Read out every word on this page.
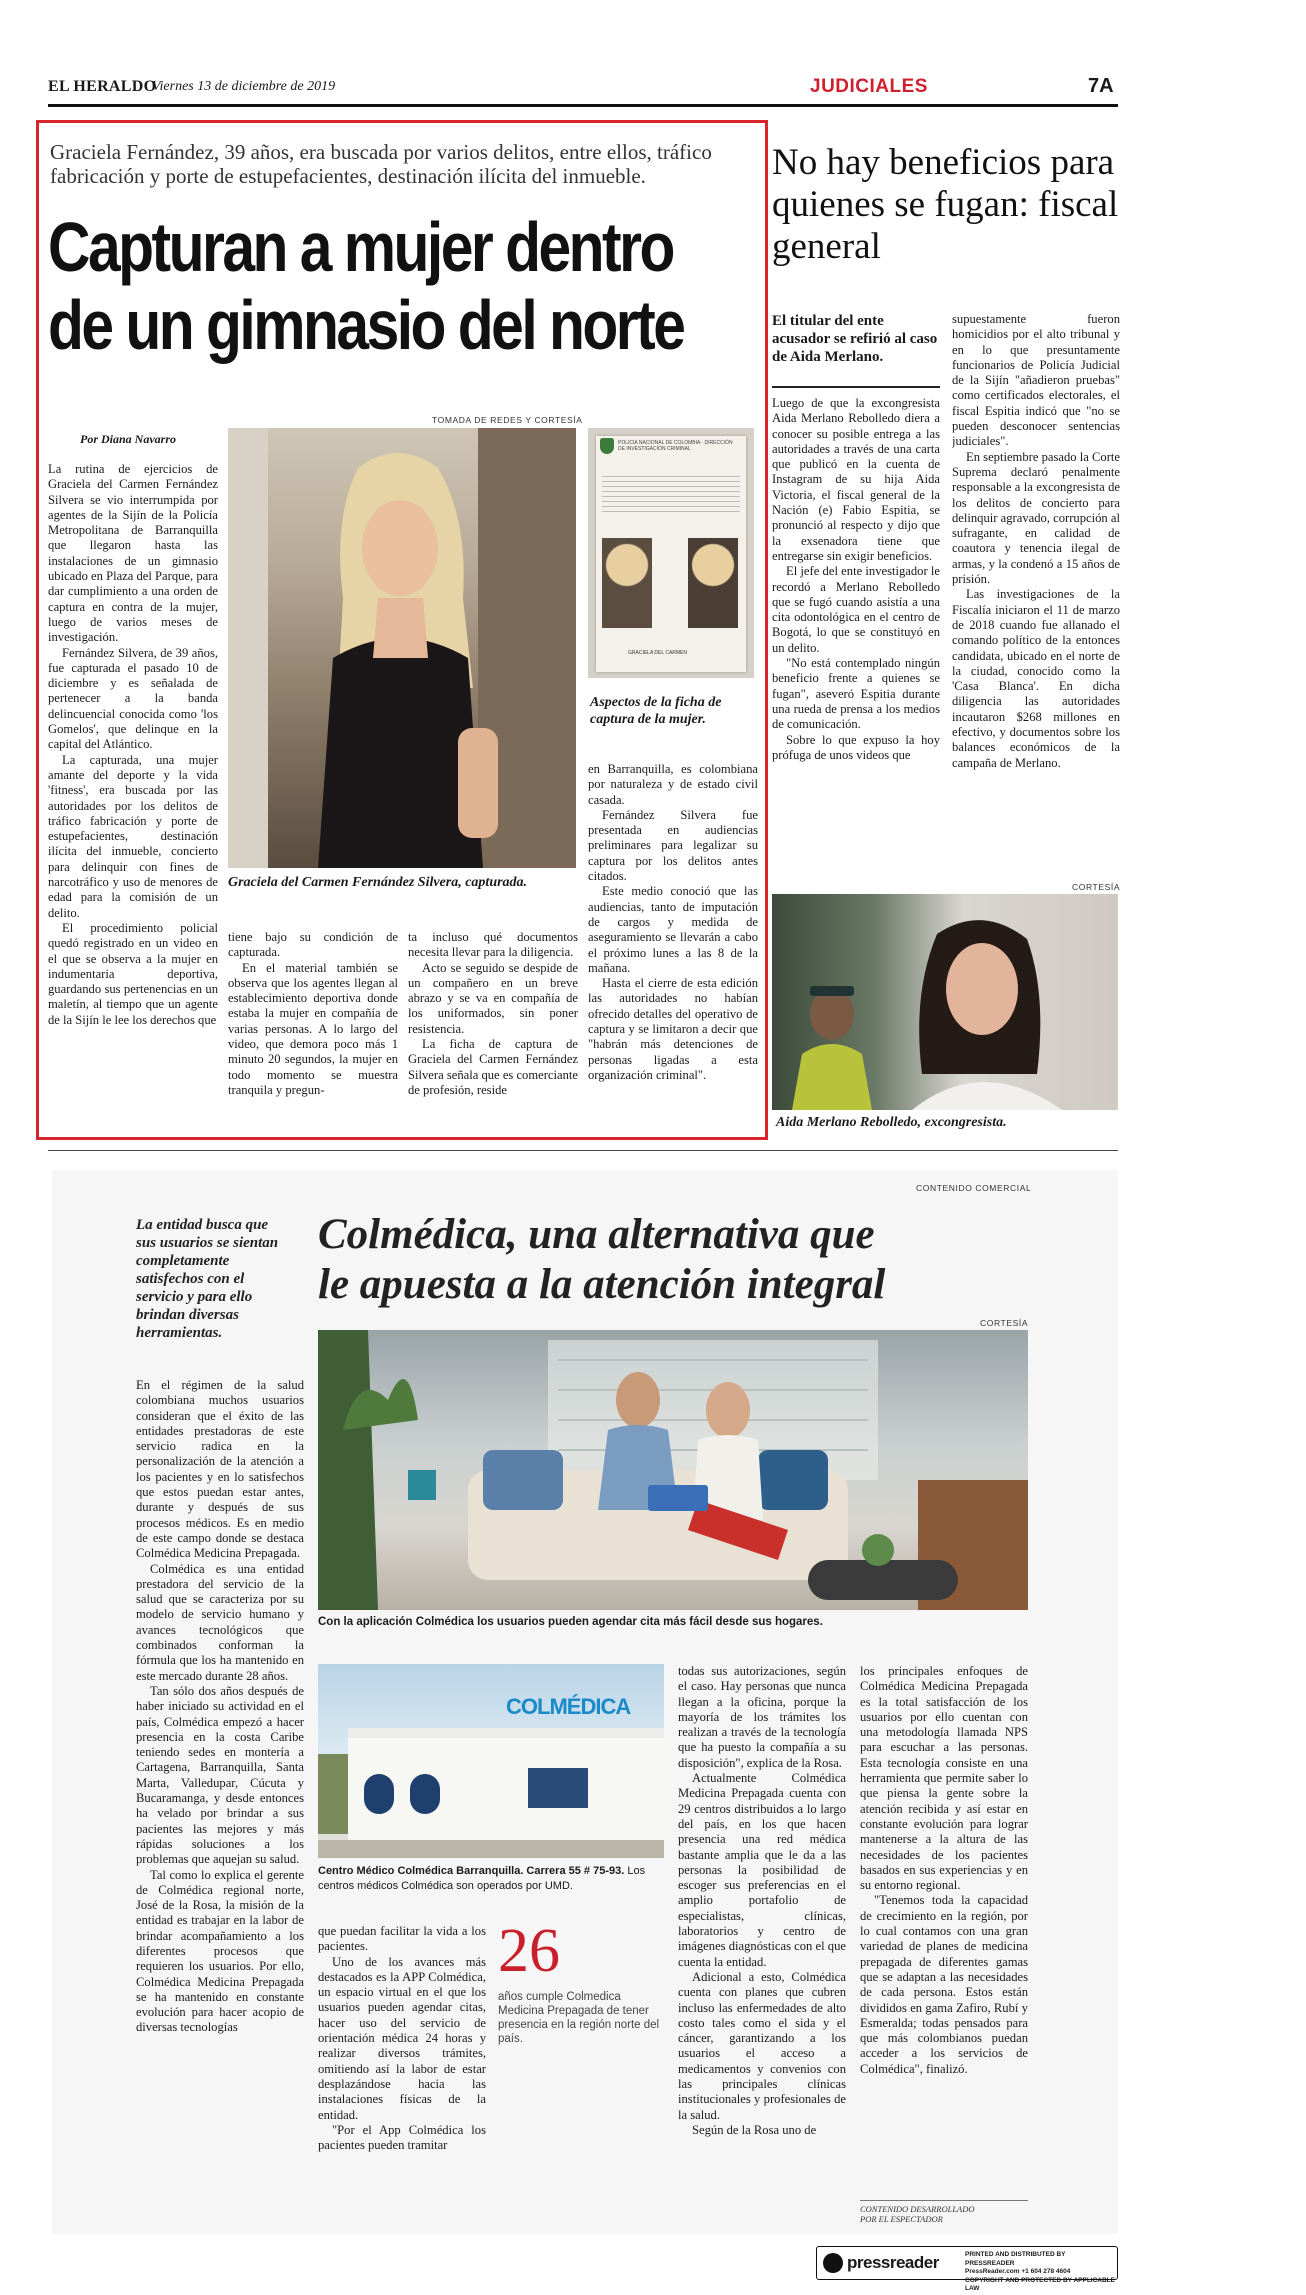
EL HERALDO
Viernes 13 de diciembre de 2019	JUDICIALES	7A
Graciela Fernández, 39 años, era buscada por varios delitos, entre ellos, tráfico fabricación y porte de estupefacientes, destinación ilícita del inmueble.
Capturan a mujer dentro
de un gimnasio del norte
TOMADA DE REDES Y CORTESÍA
Por Diana Navarro
Graciela del Carmen Fernández Silvera, capturada.
POLICIA NACIONAL DE COLOMBIA · DIRECCIÓN DE INVESTIGACIÓN CRIMINAL
GRACIELA DEL CARMEN
Aspectos de la ficha de captura de la mujer.

La rutina de ejercicios de Graciela del Carmen Fernández Silvera se vio interrumpida por agentes de la Sijín de la Policía Metropolitana de Barranquilla que llegaron hasta las instalaciones de un gimnasio ubicado en Plaza del Parque, para dar cumplimiento a una orden de captura en contra de la mujer, luego de varios meses de investigación.

Fernández Silvera, de 39 años, fue capturada el pasado 10 de diciembre y es señalada de pertenecer a la banda delincuencial conocida como 'los Gomelos', que delinque en la capital del Atlántico.

La capturada, una mujer amante del deporte y la vida 'fitness', era buscada por las autoridades por los delitos de tráfico fabricación y porte de estupefacientes, destinación ilícita del inmueble, concierto para delinquir con fines de narcotráfico y uso de menores de edad para la comisión de un delito.

El procedimiento policial quedó registrado en un video en el que se observa a la mujer en indumentaria deportiva, guardando sus pertenencias en un maletín, al tiempo que un agente de la Sijín le lee los derechos que

tiene bajo su condición de capturada.

En el material también se observa que los agentes llegan al establecimiento deportiva donde estaba la mujer en compañía de varias personas. A lo largo del video, que demora poco más 1 minuto 20 segundos, la mujer en todo momento se muestra tranquila y pregun-

ta incluso qué documentos necesita llevar para la diligencia.

Acto se seguido se despide de un compañero en un breve abrazo y se va en compañía de los uniformados, sin poner resistencia.

La ficha de captura de Graciela del Carmen Fernández Silvera señala que es comerciante de profesión, reside

en Barranquilla, es colombiana por naturaleza y de estado civil casada.

Fernández Silvera fue presentada en audiencias preliminares para legalizar su captura por los delitos antes citados.

Este medio conoció que las audiencias, tanto de imputación de cargos y medida de aseguramiento se llevarán a cabo el próximo lunes a las 8 de la mañana.

Hasta el cierre de esta edición las autoridades no habían ofrecido detalles del operativo de captura y se limitaron a decir que "habrán más detenciones de personas ligadas a esta organización criminal".

No hay beneficios para quienes se fugan: fiscal general
El titular del ente acusador se refirió al caso de Aida Merlano.

Luego de que la excongresista Aida Merlano Rebolledo diera a conocer su posible entrega a las autoridades a través de una carta que publicó en la cuenta de Instagram de su hija Aida Victoria, el fiscal general de la Nación (e) Fabio Espitia, se pronunció al respecto y dijo que la exsenadora tiene que entregarse sin exigir beneficios.

El jefe del ente investigador le recordó a Merlano Rebolledo que se fugó cuando asistía a una cita odontológica en el centro de Bogotá, lo que se constituyó en un delito.

"No está contemplado ningún beneficio frente a quienes se fugan", aseveró Espitia durante una rueda de prensa a los medios de comunicación.

Sobre lo que expuso la hoy prófuga de unos videos que

supuestamente fueron homicidios por el alto tribunal y en lo que presuntamente funcionarios de Policía Judicial de la Sijín "añadieron pruebas" como certificados electorales, el fiscal Espitia indicó que "no se pueden desconocer sentencias judiciales".

En septiembre pasado la Corte Suprema declaró penalmente responsable a la excongresista de los delitos de concierto para delinquir agravado, corrupción al sufragante, en calidad de coautora y tenencia ilegal de armas, y la condenó a 15 años de prisión.

Las investigaciones de la Fiscalía iniciaron el 11 de marzo de 2018 cuando fue allanado el comando político de la entonces candidata, ubicado en el norte de la ciudad, conocido como la 'Casa Blanca'. En dicha diligencia las autoridades incautaron $268 millones en efectivo, y documentos sobre los balances económicos de la campaña de Merlano.

CORTESÍA
Aida Merlano Rebolledo, excongresista.
CONTENIDO COMERCIAL
La entidad busca que sus usuarios se sientan completamente satisfechos con el servicio y para ello brindan diversas herramientas.
Colmédica, una alternativa que
le apuesta a la atención integral
CORTESÍA
Con la aplicación Colmédica los usuarios pueden agendar cita más fácil desde sus hogares.
COLMÉDICA
Centro Médico Colmédica Barranquilla. Carrera 55 # 75-93. Los centros médicos Colmédica son operados por UMD.
26
años cumple Colmedica Medicina Prepagada de tener presencia en la región norte del país.

En el régimen de la salud colombiana muchos usuarios consideran que el éxito de las entidades prestadoras de este servicio radica en la personalización de la atención a los pacientes y en lo satisfechos que estos puedan estar antes, durante y después de sus procesos médicos. Es en medio de este campo donde se destaca Colmédica Medicina Prepagada.

Colmédica es una entidad prestadora del servicio de la salud que se caracteriza por su modelo de servicio humano y avances tecnológicos que combinados conforman la fórmula que los ha mantenido en este mercado durante 28 años.

Tan sólo dos años después de haber iniciado su actividad en el país, Colmédica empezó a hacer presencia en la costa Caribe teniendo sedes en montería a Cartagena, Barranquilla, Santa Marta, Valledupar, Cúcuta y Bucaramanga, y desde entonces ha velado por brindar a sus pacientes las mejores y más rápidas soluciones a los problemas que aquejan su salud.

Tal como lo explica el gerente de Colmédica regional norte, José de la Rosa, la misión de la entidad es trabajar en la labor de brindar acompañamiento a los diferentes procesos que requieren los usuarios. Por ello, Colmédica Medicina Prepagada se ha mantenido en constante evolución para hacer acopio de diversas tecnologías

que puedan facilitar la vida a los pacientes.

Uno de los avances más destacados es la APP Colmédica, un espacio virtual en el que los usuarios pueden agendar citas, hacer uso del servicio de orientación médica 24 horas y realizar diversos trámites, omitiendo así la labor de estar desplazándose hacia las instalaciones físicas de la entidad.

"Por el App Colmédica los pacientes pueden tramitar

todas sus autorizaciones, según el caso. Hay personas que nunca llegan a la oficina, porque la mayoría de los trámites los realizan a través de la tecnología que ha puesto la compañía a su disposición", explica de la Rosa.

Actualmente Colmédica Medicina Prepagada cuenta con 29 centros distribuidos a lo largo del país, en los que hacen presencia una red médica bastante amplia que le da a las personas la posibilidad de escoger sus preferencias en el amplio portafolio de especialistas, clínicas, laboratorios y centro de imágenes diagnósticas con el que cuenta la entidad.

Adicional a esto, Colmédica cuenta con planes que cubren incluso las enfermedades de alto costo tales como el sida y el cáncer, garantizando a los usuarios el acceso a medicamentos y convenios con las principales clínicas institucionales y profesionales de la salud.

Según de la Rosa uno de

los principales enfoques de Colmédica Medicina Prepagada es la total satisfacción de los usuarios por ello cuentan con una metodología llamada NPS para escuchar a las personas. Esta tecnología consiste en una herramienta que permite saber lo que piensa la gente sobre la atención recibida y así estar en constante evolución para lograr mantenerse a la altura de las necesidades de los pacientes basados en sus experiencias y en su entorno regional.

"Tenemos toda la capacidad de crecimiento en la región, por lo cual contamos con una gran variedad de planes de medicina prepagada de diferentes gamas que se adaptan a las necesidades de cada persona. Estos están divididos en gama Zafiro, Rubí y Esmeralda; todas pensados para que más colombianos puedan acceder a los servicios de Colmédica", finalizó.

CONTENIDO DESARROLLADO
POR EL ESPECTADOR
pressreader	PRINTED AND DISTRIBUTED BY PRESSREADER
PressReader.com +1 604 278 4604
COPYRIGHT AND PROTECTED BY APPLICABLE LAW
